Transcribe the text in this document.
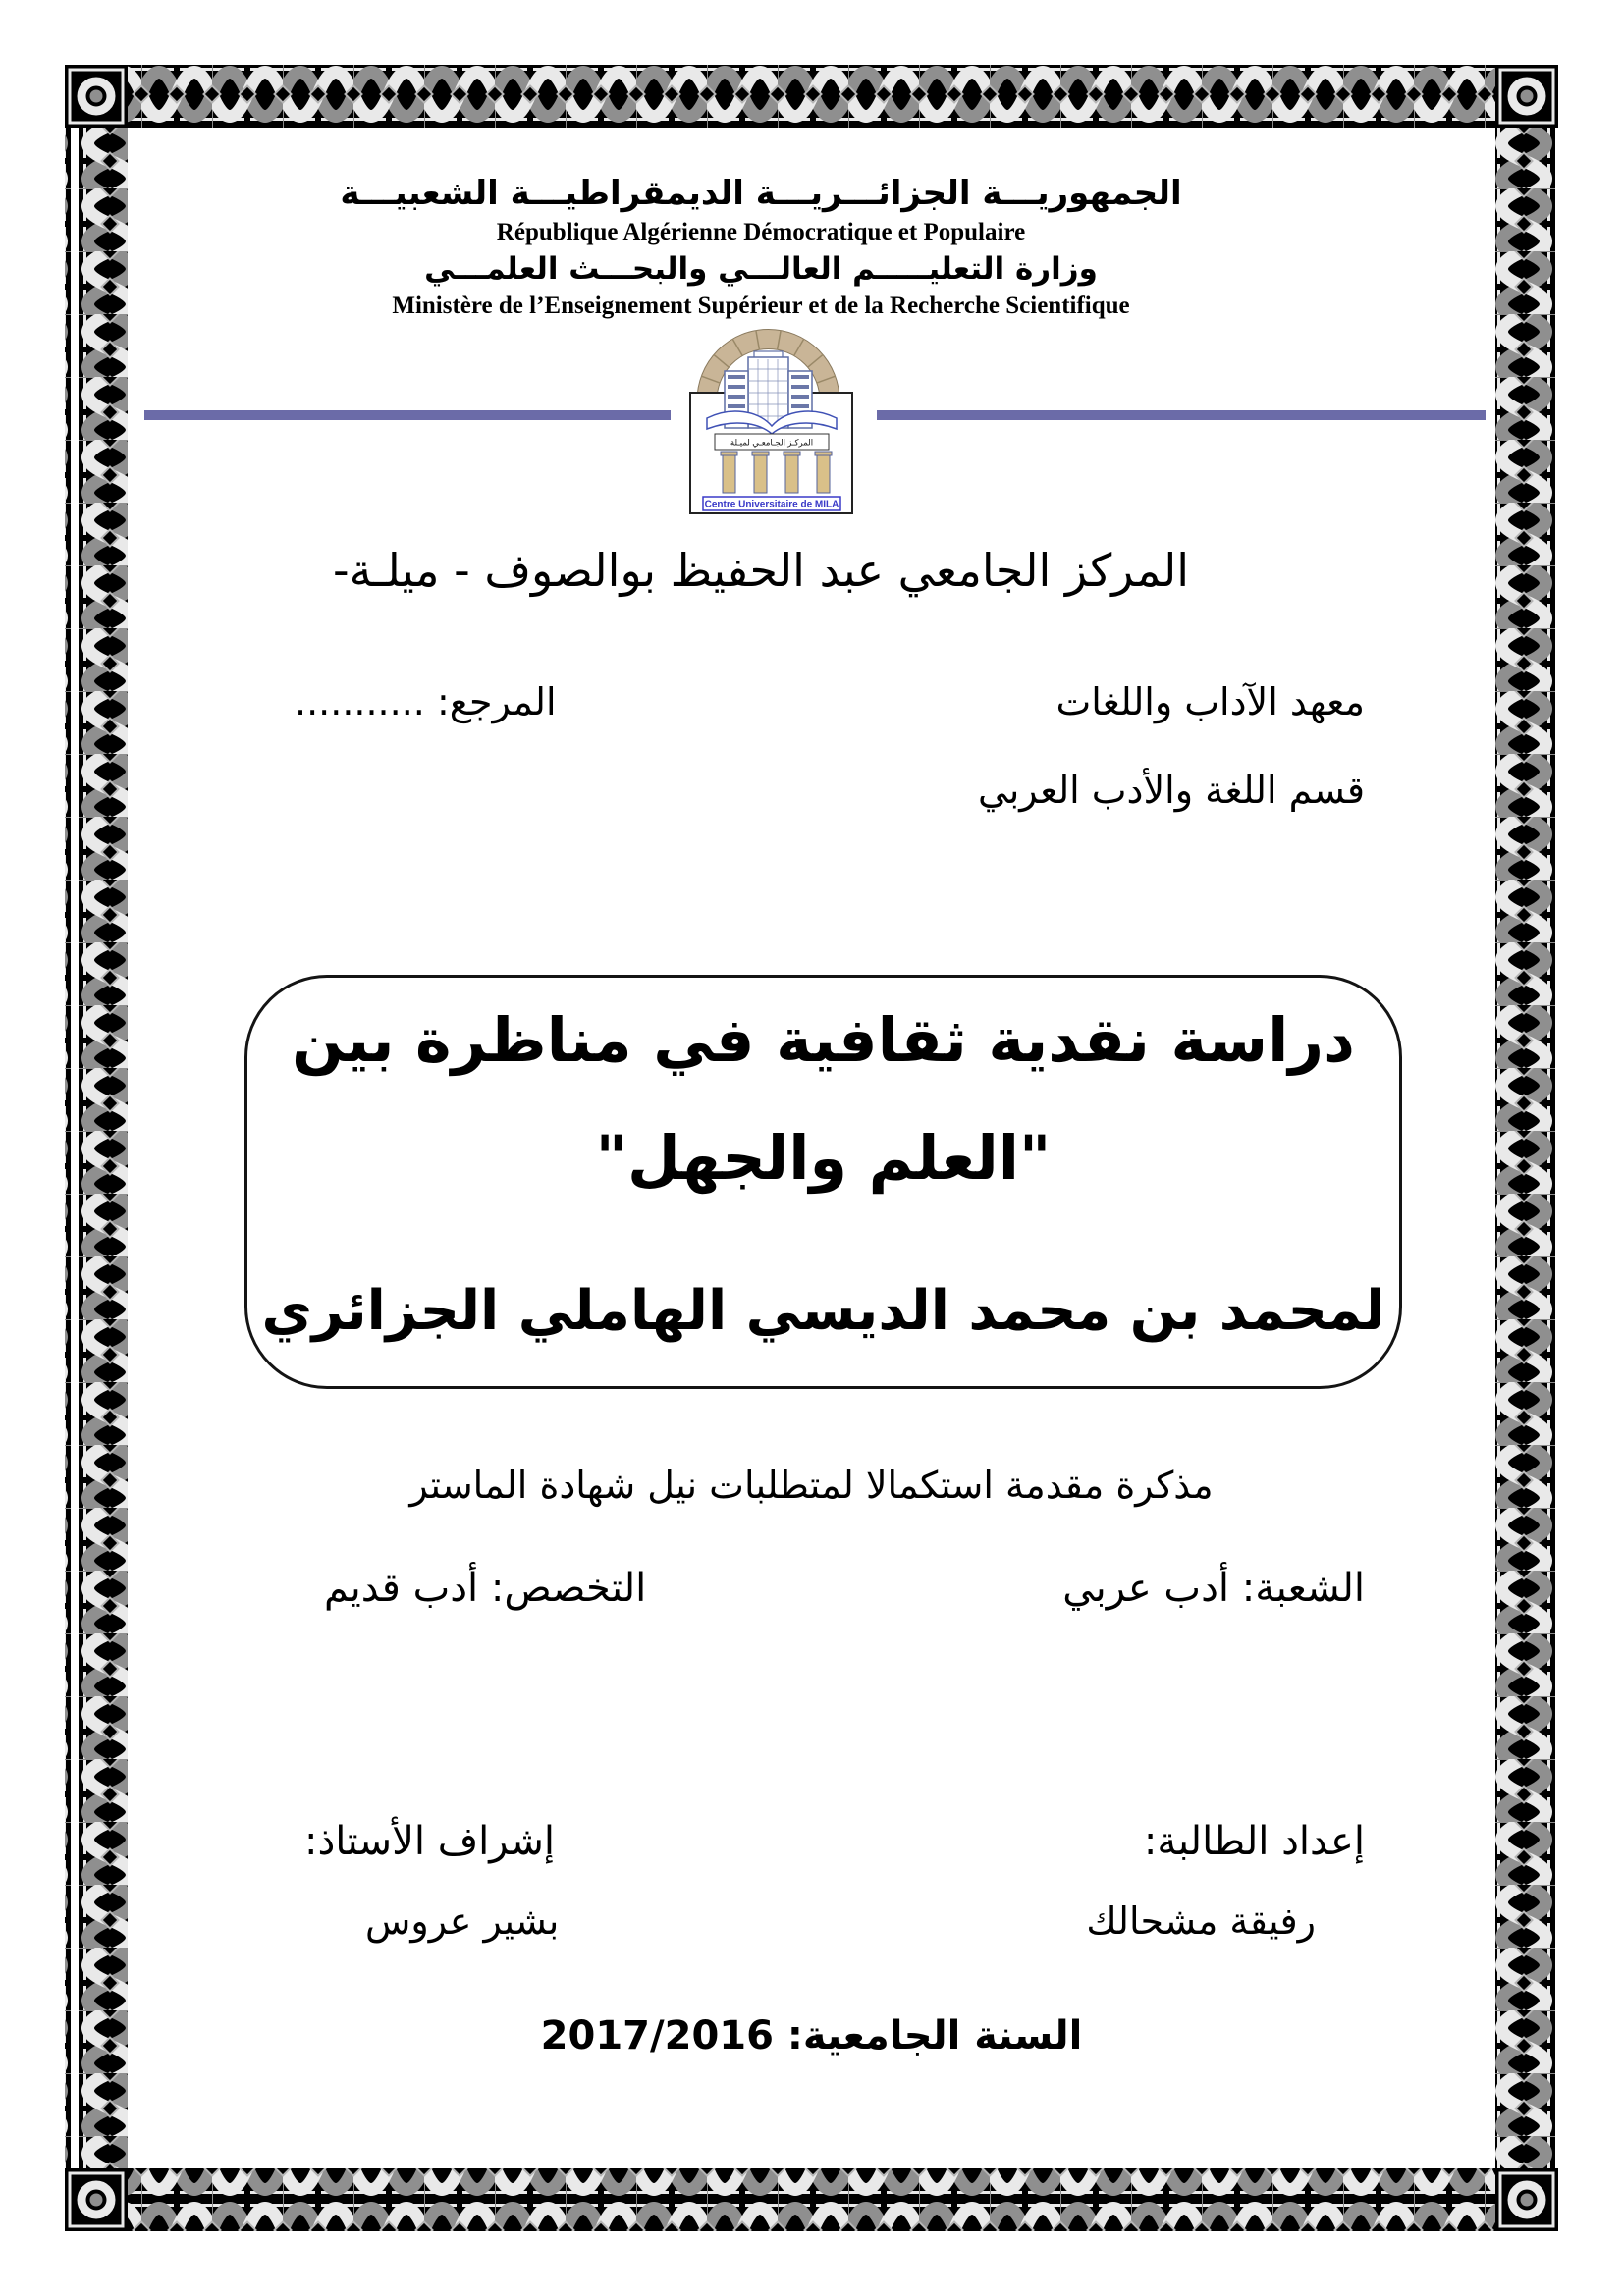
الجمهوريـــة الجزائـــريـــة الديمقراطيـــة الشعبيـــة
République Algérienne Démocratique et Populaire
وزارة التعليـــــم العالـــي والبحـــث العلمـــي
Ministère de l’Enseignement Supérieur et de la Recherche Scientifique
المركـز الجـامعـي لميـلة
Centre Universitaire de MILA
المركز الجامعي عبد الحفيظ بوالصوف - ميلـة-
معهد الآداب واللغات
المرجع: ...........
قسم اللغة والأدب العربي
دراسة نقدية ثقافية في مناظرة بين
"العلم والجهل"
لمحمد بن محمد الديسي الهاملي الجزائري
مذكرة مقدمة استكمالا لمتطلبات نيل شهادة الماستر
الشعبة: أدب عربي
التخصص: أدب قديم
إعداد الطالبة:
رفيقة مشحالك
إشراف الأستاذ:
بشير عروس
السنة الجامعية: 2017/2016
